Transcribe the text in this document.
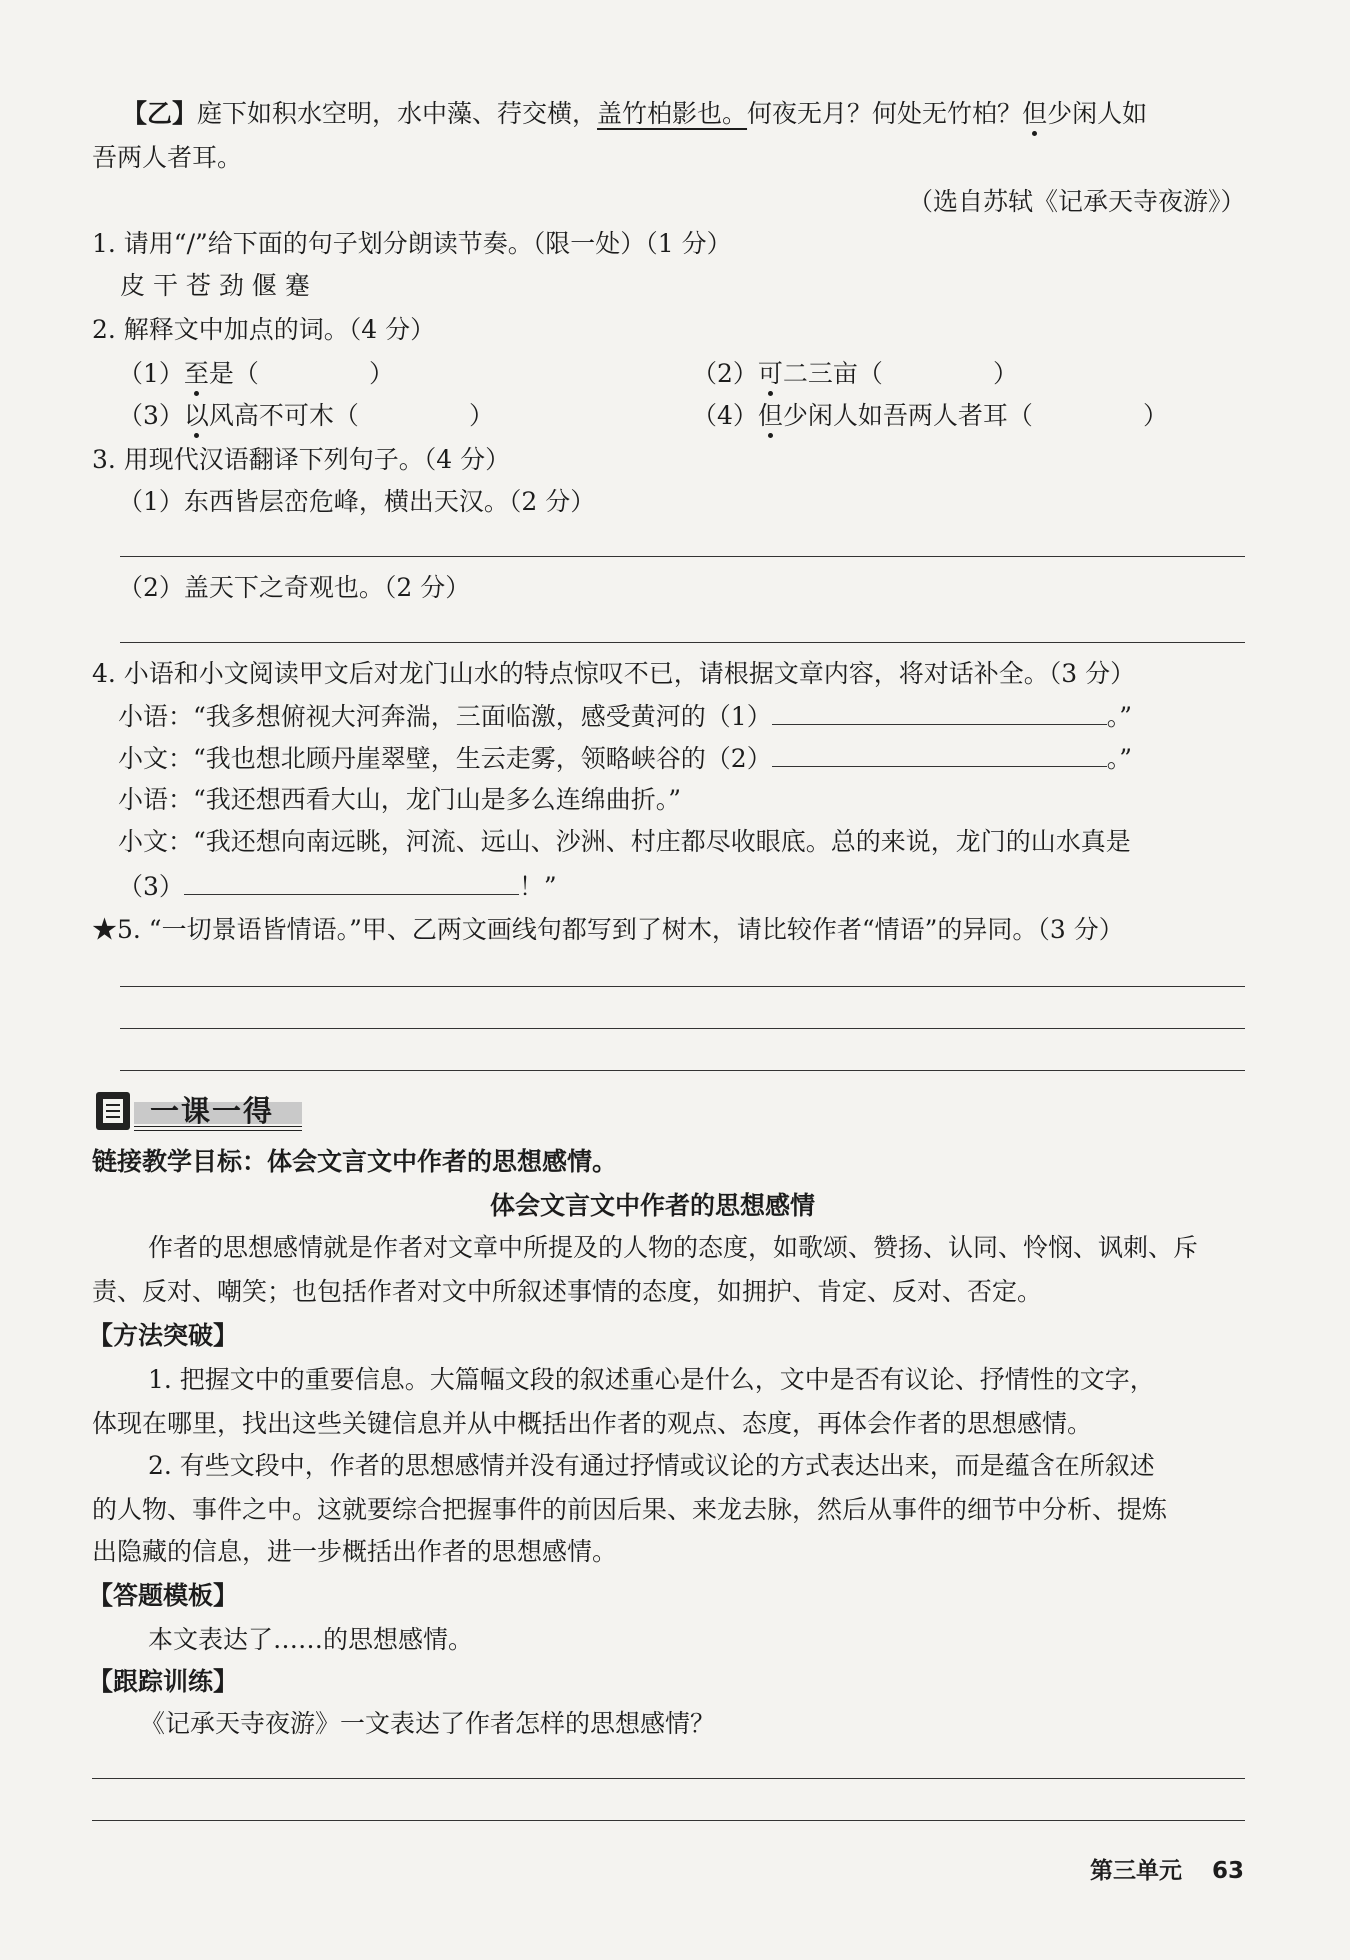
【乙】庭下如积水空明，水中藻、荇交横，盖竹柏影也。何夜无月？何处无竹柏？但少闲人如
吾两人者耳。
（选自苏轼《记承天寺夜游》）
1. 请用“/”给下面的句子划分朗读节奏。（限一处）（1 分）
皮 干 苍 劲 偃 蹇
2. 解释文中加点的词。（4 分）
（1）至是（	）	（2）可二三亩（	）
（3）以风高不可木（	）	（4）但少闲人如吾两人者耳（	）
3. 用现代汉语翻译下列句子。（4 分）
（1）东西皆层峦危峰，横出天汉。（2 分）
（2）盖天下之奇观也。（2 分）
4. 小语和小文阅读甲文后对龙门山水的特点惊叹不已，请根据文章内容，将对话补全。（3 分）
小语：“我多想俯视大河奔湍，三面临激，感受黄河的（1）	。”
小文：“我也想北顾丹崖翠壁，生云走雾，领略峡谷的（2）	。”
小语：“我还想西看大山，龙门山是多么连绵曲折。”
小文：“我还想向南远眺，河流、远山、沙洲、村庄都尽收眼底。总的来说，龙门的山水真是
（3）	！”
★5. “一切景语皆情语。”甲、乙两文画线句都写到了树木，请比较作者“情语”的异同。（3 分）
一课一得
链接教学目标：体会文言文中作者的思想感情。
体会文言文中作者的思想感情
作者的思想感情就是作者对文章中所提及的人物的态度，如歌颂、赞扬、认同、怜悯、讽刺、斥
责、反对、嘲笑；也包括作者对文中所叙述事情的态度，如拥护、肯定、反对、否定。
【方法突破】
1. 把握文中的重要信息。大篇幅文段的叙述重心是什么，文中是否有议论、抒情性的文字，
体现在哪里，找出这些关键信息并从中概括出作者的观点、态度，再体会作者的思想感情。
2. 有些文段中，作者的思想感情并没有通过抒情或议论的方式表达出来，而是蕴含在所叙述
的人物、事件之中。这就要综合把握事件的前因后果、来龙去脉，然后从事件的细节中分析、提炼
出隐藏的信息，进一步概括出作者的思想感情。
【答题模板】
本文表达了……的思想感情。
【跟踪训练】
《记承天寺夜游》一文表达了作者怎样的思想感情？
第三单元 63
